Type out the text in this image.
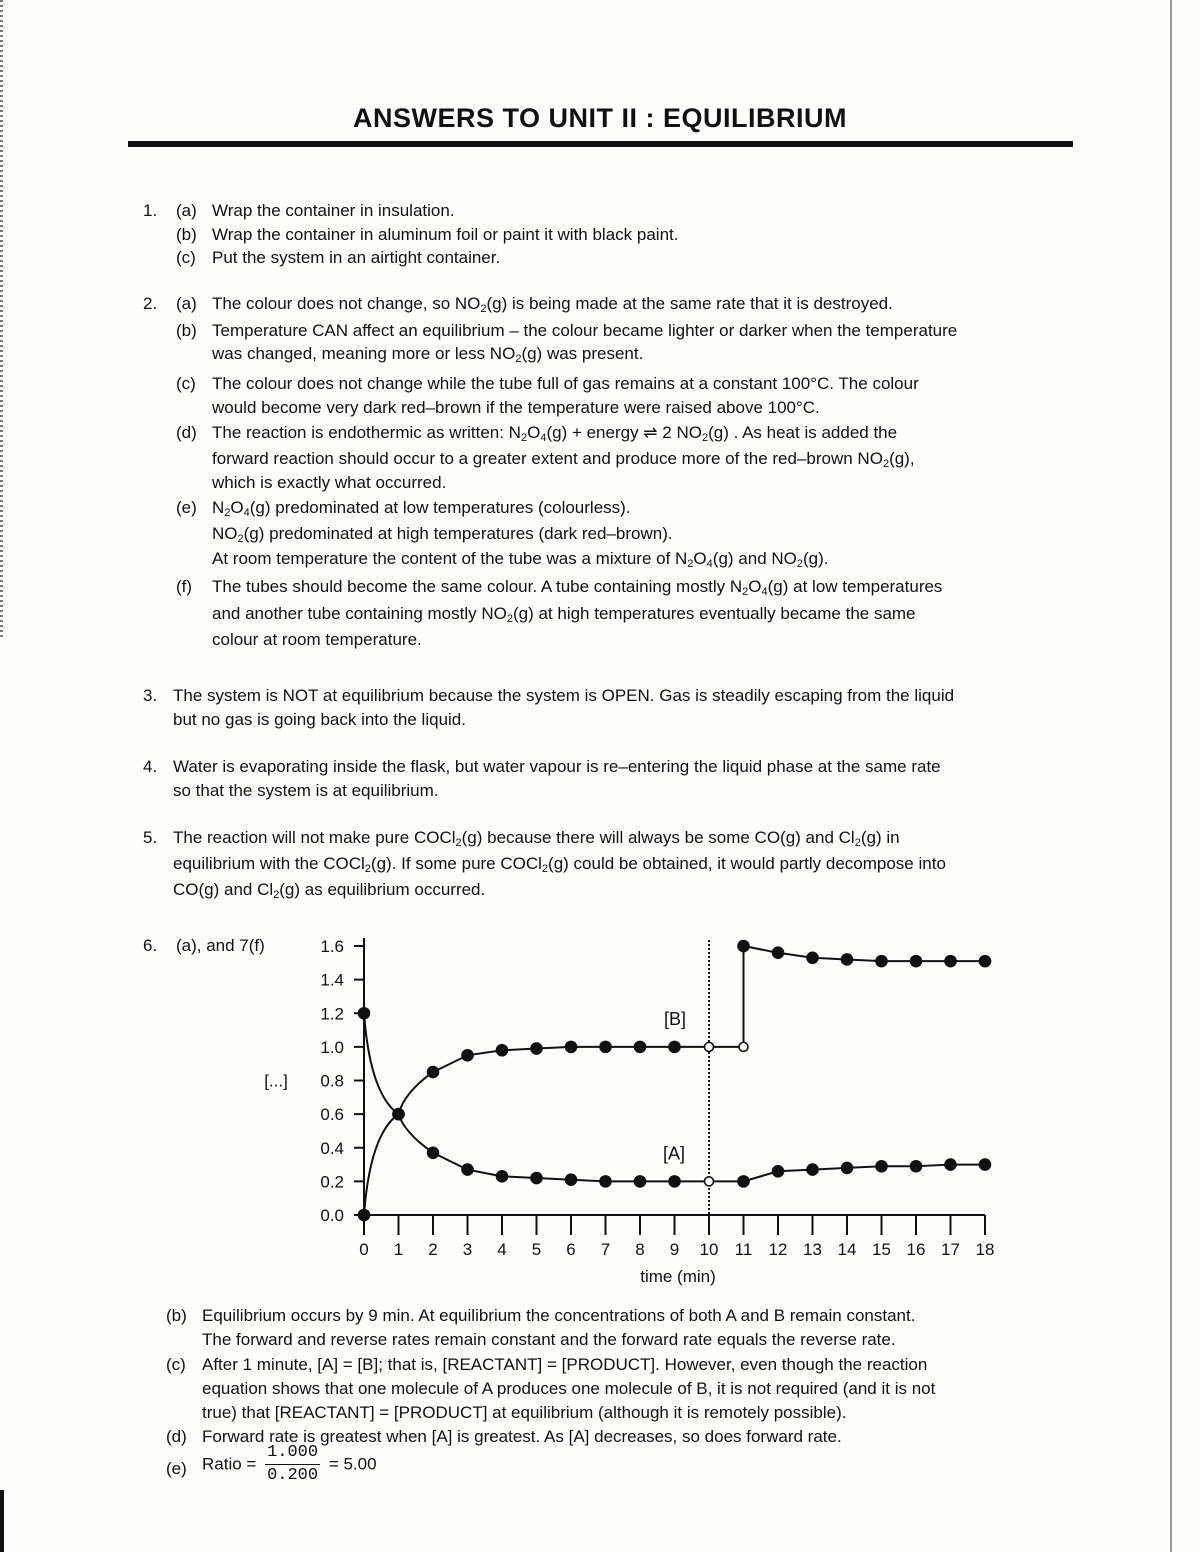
ANSWERS TO UNIT II : EQUILIBRIUM
1. (a) Wrap the container in insulation.
(b) Wrap the container in aluminum foil or paint it with black paint.
(c) Put the system in an airtight container.
2. (a) The colour does not change, so $NO_2(g)$ is being made at the same rate that it is destroyed.
(b) Temperature CAN affect an equilibrium – the colour became lighter or darker when the temperature
was changed, meaning more or less $NO_2(g)$ was present.
(c) The colour does not change while the tube full of gas remains at a constant 100°C. The colour
would become very dark red–brown if the temperature were raised above 100°C.
(d) The reaction is endothermic as written: $N_2O_4(g)$ + energy ⇌ 2 $NO_2(g)$ . As heat is added the
forward reaction should occur to a greater extent and produce more of the red–brown $NO_2(g)$,
which is exactly what occurred.
(e) $N_2O_4(g)$ predominated at low temperatures (colourless).
$NO_2(g)$ predominated at high temperatures (dark red–brown).
At room temperature the content of the tube was a mixture of $N_2O_4(g)$ and $NO_2(g)$.
(f) The tubes should become the same colour. A tube containing mostly $N_2O_4(g)$ at low temperatures
and another tube containing mostly $NO_2(g)$ at high temperatures eventually became the same
colour at room temperature.
3. The system is NOT at equilibrium because the system is OPEN. Gas is steadily escaping from the liquid
but no gas is going back into the liquid.
4. Water is evaporating inside the flask, but water vapour is re–entering the liquid phase at the same rate
so that the system is at equilibrium.
5. The reaction will not make pure COCl$_2$(g) because there will always be some CO(g) and $Cl_2(g)$ in
equilibrium with the COCl$_2$(g). If some pure COCl$_2$(g) could be obtained, it would partly decompose into
CO(g) and $Cl_2(g)$ as equilibrium occurred.
6. (a), and 7(f)
0.0
0.2
0.4
0.6
0.8
1.0
1.2
1.4
1.6
0 1 2 3 4 5 6 7 8 9 10 11 12 13 14 15 16 17 18
time (min)
[...]
[B]
[A]
(b) Equilibrium occurs by 9 min. At equilibrium the concentrations of both A and B remain constant.
The forward and reverse rates remain constant and the forward rate equals the reverse rate.
(c) After 1 minute, [A] = [B]; that is, [REACTANT] = [PRODUCT]. However, even though the reaction
equation shows that one molecule of A produces one molecule of B, it is not required (and it is not
true) that [REACTANT] = [PRODUCT] at equilibrium (although it is remotely possible).
(d) Forward rate is greatest when [A] is greatest. As [A] decreases, so does forward rate.
(e) Ratio = $\frac{1.000}{0.200} = 5.00$
